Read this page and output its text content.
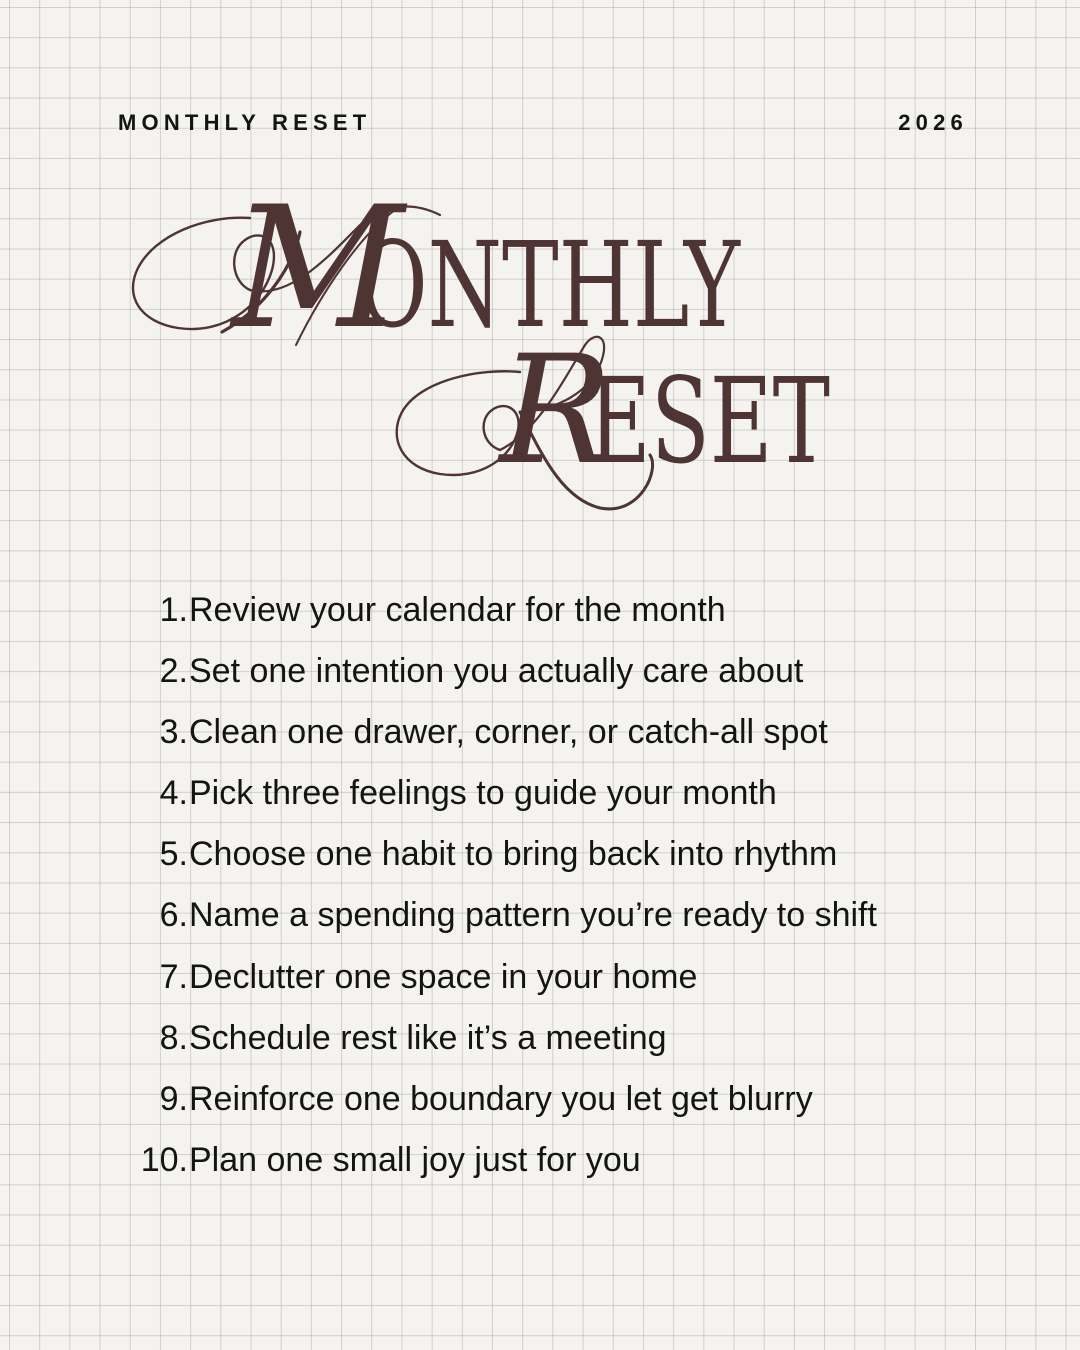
MONTHLY RESET	2026
M
ONTHLY
R
ESET
1.Review your calendar for the month
2.Set one intention you actually care about
3.Clean one drawer, corner, or catch-all spot
4.Pick three feelings to guide your month
5.Choose one habit to bring back into rhythm
6.Name a spending pattern you’re ready to shift
7.Declutter one space in your home
8.Schedule rest like it’s a meeting
9.Reinforce one boundary you let get blurry
10.Plan one small joy just for you
